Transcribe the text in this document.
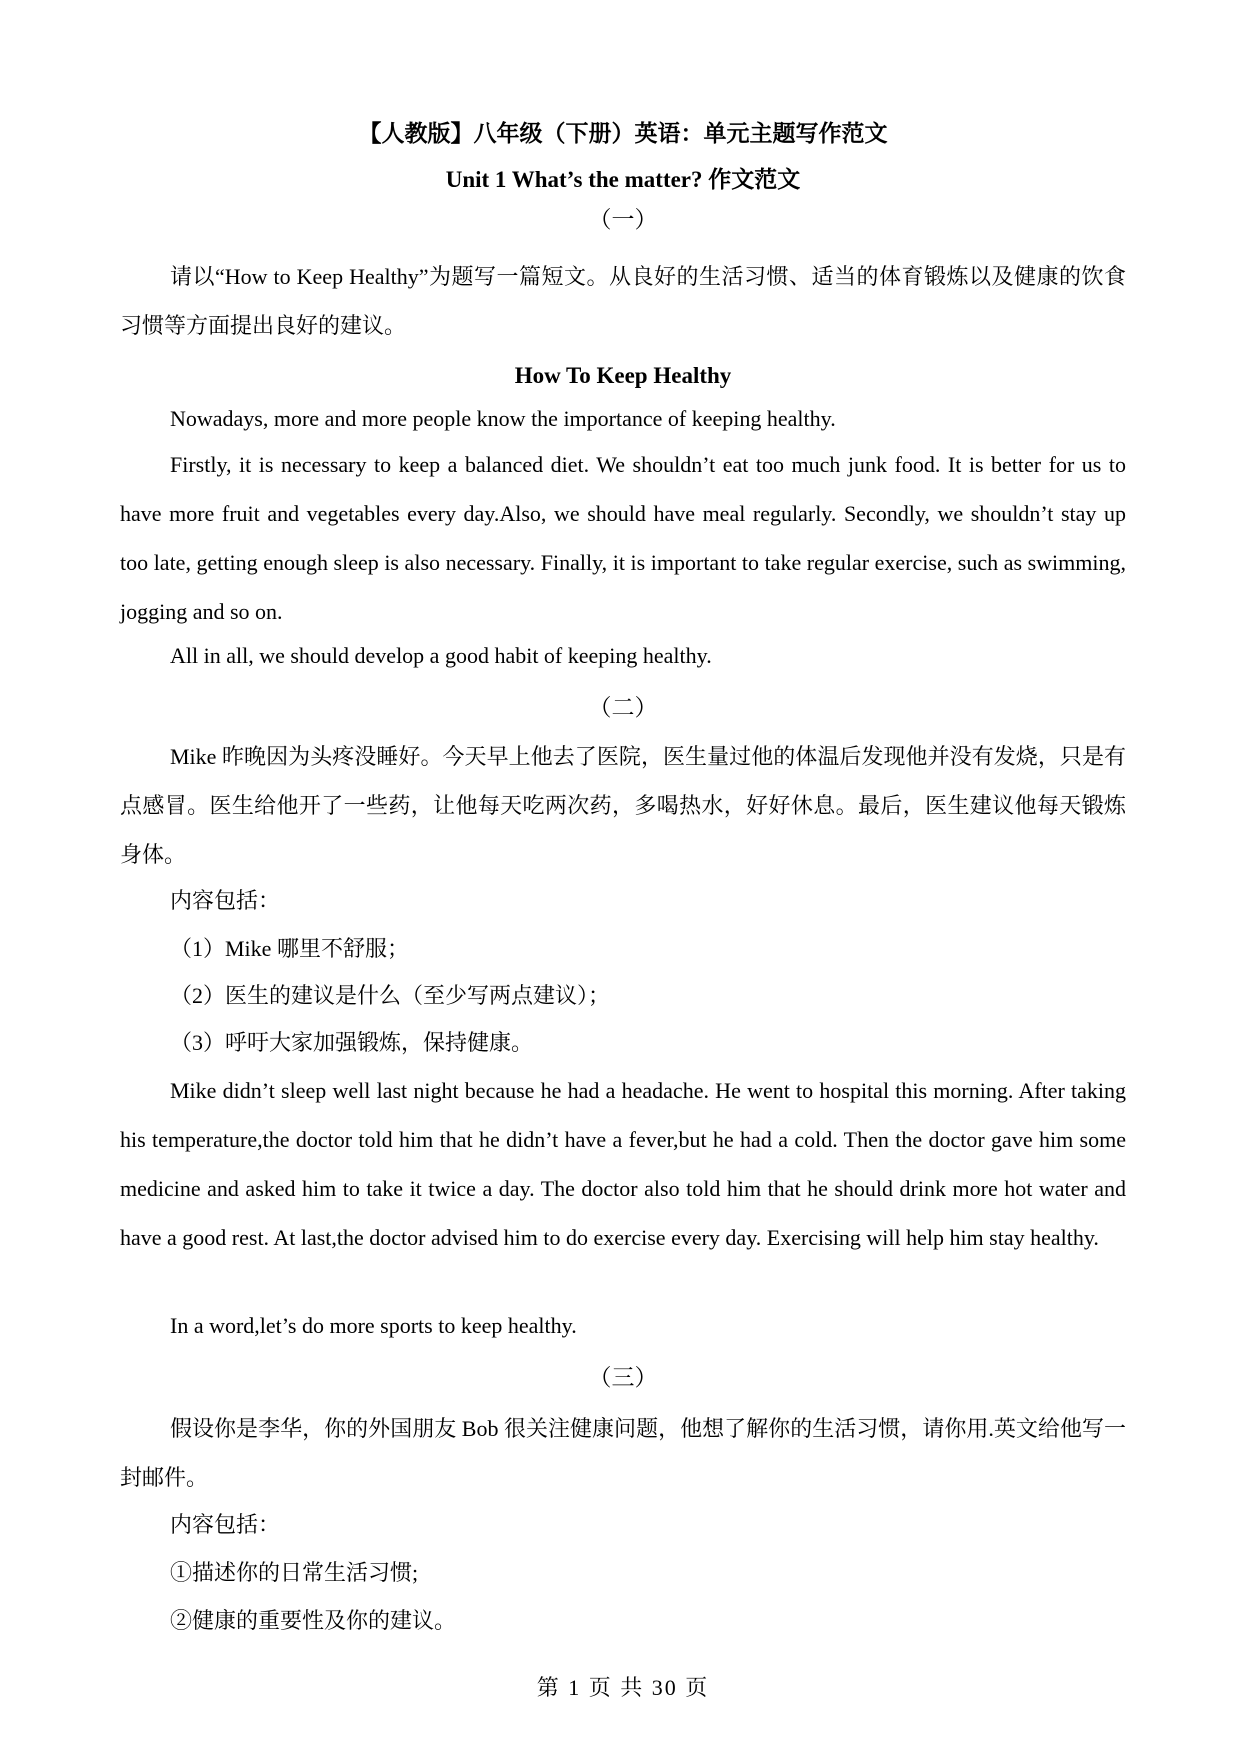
【人教版】八年级（下册）英语：单元主题写作范文
Unit 1 What’s the matter? 作文范文
（一）
请以“How to Keep Healthy”为题写一篇短文。从良好的生活习惯、适当的体育锻炼以及健康的饮食习惯等方面提出良好的建议。
How To Keep Healthy
Nowadays, more and more people know the importance of keeping healthy.
Firstly, it is necessary to keep a balanced diet. We shouldn’t eat too much junk food. It is better for us to have more fruit and vegetables every day.Also, we should have meal regularly. Secondly, we shouldn’t stay up too late, getting enough sleep is also necessary. Finally, it is important to take regular exercise, such as swimming, jogging and so on.
All in all, we should develop a good habit of keeping healthy.
（二）
Mike 昨晚因为头疼没睡好。今天早上他去了医院，医生量过他的体温后发现他并没有发烧，只是有点感冒。医生给他开了一些药，让他每天吃两次药，多喝热水，好好休息。最后，医生建议他每天锻炼身体。
内容包括：
（1）Mike 哪里不舒服；
（2）医生的建议是什么（至少写两点建议）；
（3）呼吁大家加强锻炼，保持健康。
Mike didn’t sleep well last night because he had a headache. He went to hospital this morning. After taking his temperature,the doctor told him that he didn’t have a fever,but he had a cold. Then the doctor gave him some medicine and asked him to take it twice a day. The doctor also told him that he should drink more hot water and have a good rest. At last,the doctor advised him to do exercise every day. Exercising will help him stay healthy.
In a word,let’s do more sports to keep healthy.
（三）
假设你是李华，你的外国朋友 Bob 很关注健康问题，他想了解你的生活习惯，请你用.英文给他写一封邮件。
内容包括：
①描述你的日常生活习惯;
②健康的重要性及你的建议。
第 1 页 共 30 页
